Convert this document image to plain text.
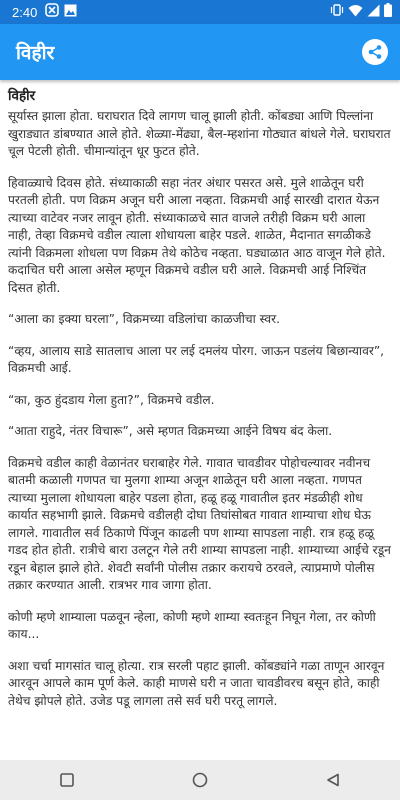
2:40
विहीर
विहीर

सूर्यास्त झाला होता. घराघरात दिवे लागण चालू झाली होती. कोंबड्या आणि पिल्लांना खुराड्यात डांबण्यात आले होते. शेळ्या-मेंढ्या, बैल-म्हशांना गोठ्यात बांधले गेले. घराघरात चूल पेटली होती. चीमान्यांतून धूर फुटत होते.

हिवाळ्याचे दिवस होते. संध्याकाळी सहा नंतर अंधार पसरत असे. मुले शाळेतून घरी परतली होती. पण विक्रम अजून घरी आला नव्हता. विक्रमची आई सारखी दारात येऊन त्याच्या वाटेवर नजर लावून होती. संध्याकाळचे सात वाजले तरीही विक्रम घरी आला नाही, तेव्हा विक्रमचे वडील त्याला शोधायला बाहेर पडले. शाळेत, मैदानात सगळीकडे त्यांनी विक्रमला शोधला पण विक्रम तेथे कोठेच नव्हता. घड्याळात आठ वाजून गेले होते. कदाचित घरी आला असेल म्हणून विक्रमचे वडील घरी आले. विक्रमची आई निश्चिंत दिसत होती.

“आला का इक्या घरला”, विक्रमच्या वडिलांचा काळजीचा स्वर.

“व्हय, आलाय साडे सातलाच आला पर लई दमलंय पोरग. जाऊन पडलंय बिछान्यावर”, विक्रमची आई.

“का, कुठ हुंदडाय गेला हुता?”, विक्रमचे वडील.

“आता राहुदे, नंतर विचारू”, असे म्हणत विक्रमच्या आईने विषय बंद केला.

विक्रमचे वडील काही वेळानंतर घराबाहेर गेले. गावात चावडीवर पोहोचल्यावर नवीनच बातमी कळाली गणपत चा मुलगा शाम्या अजून शाळेतून घरी आला नव्हता. गणपत त्याच्या मुलाला शोधायला बाहेर पडला होता, हळू हळू गावातील इतर मंडळीही शोध कार्यात सहभागी झाले. विक्रमचे वडीलही दोघा तिघांसोबत गावात शाम्याचा शोध घेऊ लागले. गावातील सर्व ठिकाणे पिंजून काढली पण शाम्या सापडला नाही. रात्र हळू हळू गडद होत होती. रात्रीचे बारा उलटून गेले तरी शाम्या सापडला नाही. शाम्याच्या आईचे रडून रडून बेहाल झाले होते. शेवटी सर्वांनी पोलीस तक्रार करायचे ठरवले, त्याप्रमाणे पोलीस तक्रार करण्यात आली. रात्रभर गाव जागा होता.

कोणी म्हणे शाम्याला पळवून न्हेला, कोणी म्हणे शाम्या स्वतःहून निघून गेला, तर कोणी काय...

अशा चर्चा मागसांत चालू होत्या. रात्र सरली पहाट झाली. कोंबड्यांने गळा ताणून आरवून आरवून आपले काम पूर्ण केले. काही माणसे घरी न जाता चावडीवरच बसून होते, काही तेथेच झोपले होते. उजेड पडू लागला तसे सर्व घरी परतू लागले.
